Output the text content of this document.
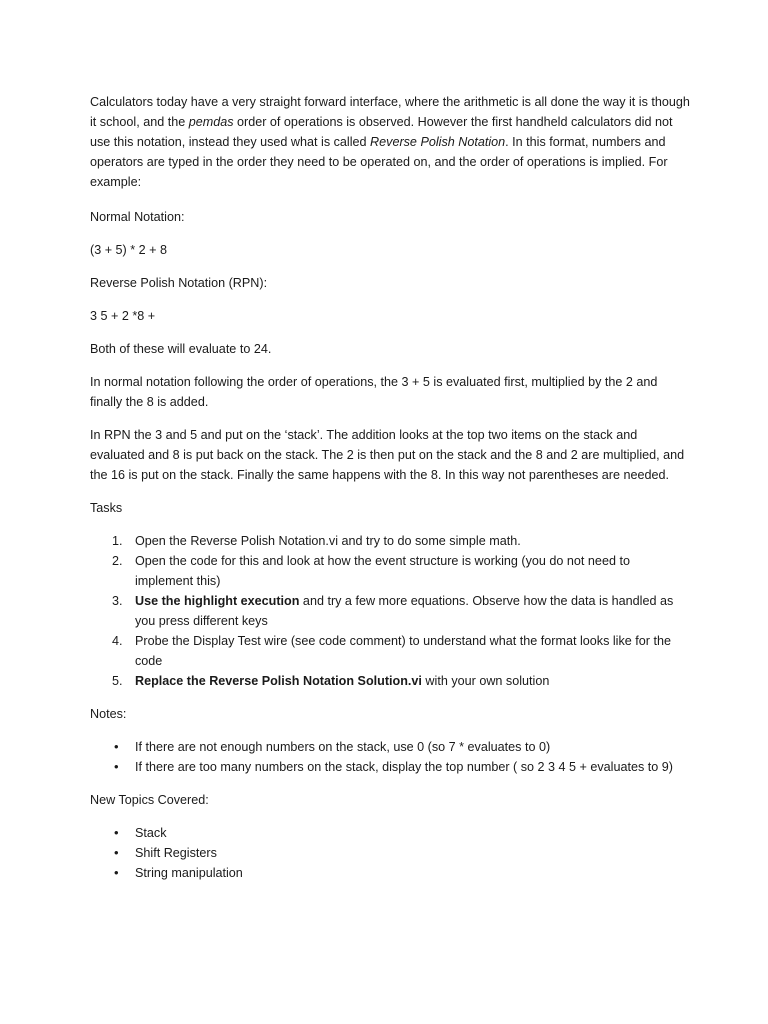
Calculators today have a very straight forward interface, where the arithmetic is all done the way it is though it school, and the pemdas order of operations is observed. However the first handheld calculators did not use this notation, instead they used what is called Reverse Polish Notation. In this format, numbers and operators are typed in the order they need to be operated on, and the order of operations is implied. For example:

Normal Notation:

(3 + 5) * 2 + 8

Reverse Polish Notation (RPN):

3 5 + 2 *8 +

Both of these will evaluate to 24.

In normal notation following the order of operations, the 3 + 5 is evaluated first, multiplied by the 2 and finally the 8 is added.

In RPN the 3 and 5 and put on the ‘stack’. The addition looks at the top two items on the stack and evaluated and 8 is put back on the stack. The 2 is then put on the stack and the 8 and 2 are multiplied, and the 16 is put on the stack. Finally the same happens with the 8. In this way not parentheses are needed.

Tasks

1. Open the Reverse Polish Notation.vi and try to do some simple math.
2. Open the code for this and look at how the event structure is working (you do not need to implement this)
3. Use the highlight execution and try a few more equations. Observe how the data is handled as you press different keys
4. Probe the Display Test wire (see code comment) to understand what the format looks like for the code
5. Replace the Reverse Polish Notation Solution.vi with your own solution

Notes:

• If there are not enough numbers on the stack, use 0 (so 7 * evaluates to 0)
• If there are too many numbers on the stack, display the top number ( so 2 3 4 5 + evaluates to 9)

New Topics Covered:

• Stack
• Shift Registers
• String manipulation
